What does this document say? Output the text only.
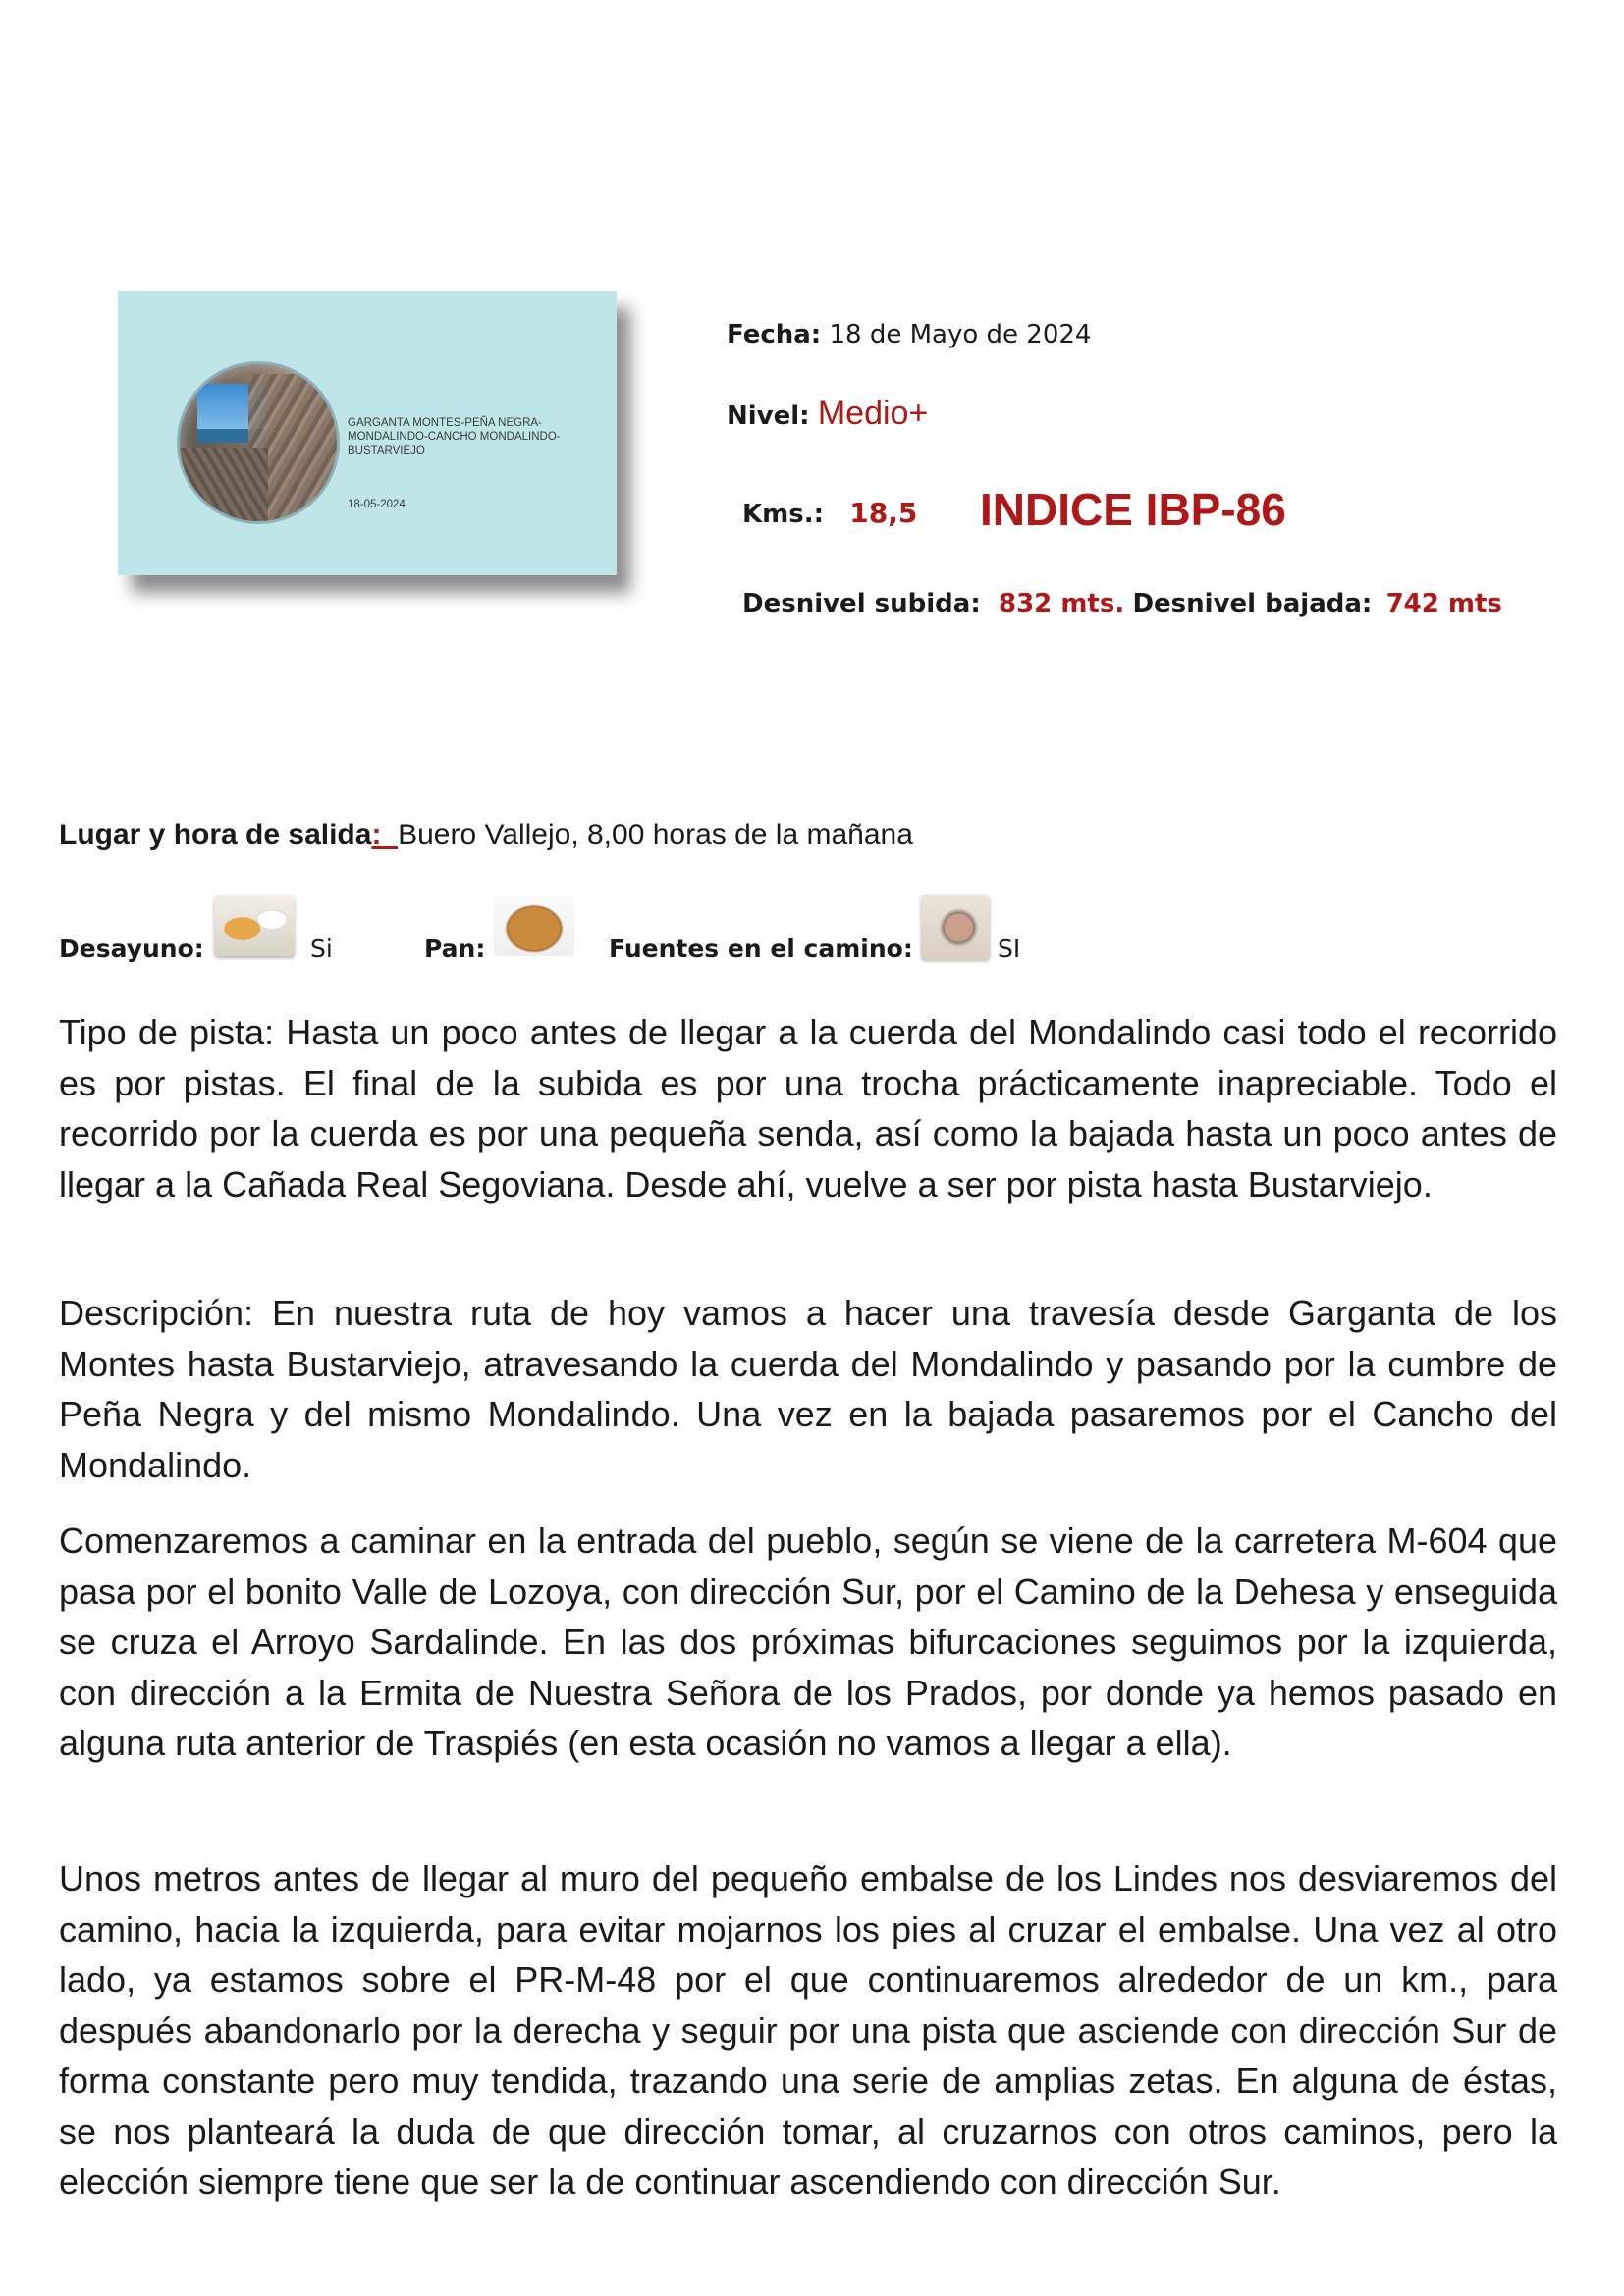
GARGANTA MONTES-PEÑA NEGRA-MONDALINDO-CANCHO MONDALINDO-BUSTARVIEJO
18-05-2024
Fecha: 18 de Mayo de 2024
Nivel: Medio+
Kms.: 18,5 INDICE IBP-86
Desnivel subida: 832 mts. Desnivel bajada: 742 mts
Lugar y hora de salida: Buero Vallejo, 8,00 horas de la mañana
Desayuno:	Si	Pan:	Fuentes en el camino:	SI

Tipo de pista: Hasta un poco antes de llegar a la cuerda del Mondalindo casi todo el recorrido es por pistas. El final de la subida es por una trocha prácticamente inapreciable. Todo el recorrido por la cuerda es por una pequeña senda, así como la bajada hasta un poco antes de llegar a la Cañada Real Segoviana. Desde ahí, vuelve a ser por pista hasta Bustarviejo.

Descripción: En nuestra ruta de hoy vamos a hacer una travesía desde Garganta de los Montes hasta Bustarviejo, atravesando la cuerda del Mondalindo y pasando por la cumbre de Peña Negra y del mismo Mondalindo. Una vez en la bajada pasaremos por el Cancho del Mondalindo.

Comenzaremos a caminar en la entrada del pueblo, según se viene de la carretera M-604 que pasa por el bonito Valle de Lozoya, con dirección Sur, por el Camino de la Dehesa y enseguida se cruza el Arroyo Sardalinde. En las dos próximas bifurcaciones seguimos por la izquierda, con dirección a la Ermita de Nuestra Señora de los Prados, por donde ya hemos pasado en alguna ruta anterior de Traspiés (en esta ocasión no vamos a llegar a ella).

Unos metros antes de llegar al muro del pequeño embalse de los Lindes nos desviaremos del camino, hacia la izquierda, para evitar mojarnos los pies al cruzar el embalse. Una vez al otro lado, ya estamos sobre el PR-M-48 por el que continuaremos alrededor de un km., para después abandonarlo por la derecha y seguir por una pista que asciende con dirección Sur de forma constante pero muy tendida, trazando una serie de amplias zetas. En alguna de éstas, se nos planteará la duda de que dirección tomar, al cruzarnos con otros caminos, pero la elección siempre tiene que ser la de continuar ascendiendo con dirección Sur.
